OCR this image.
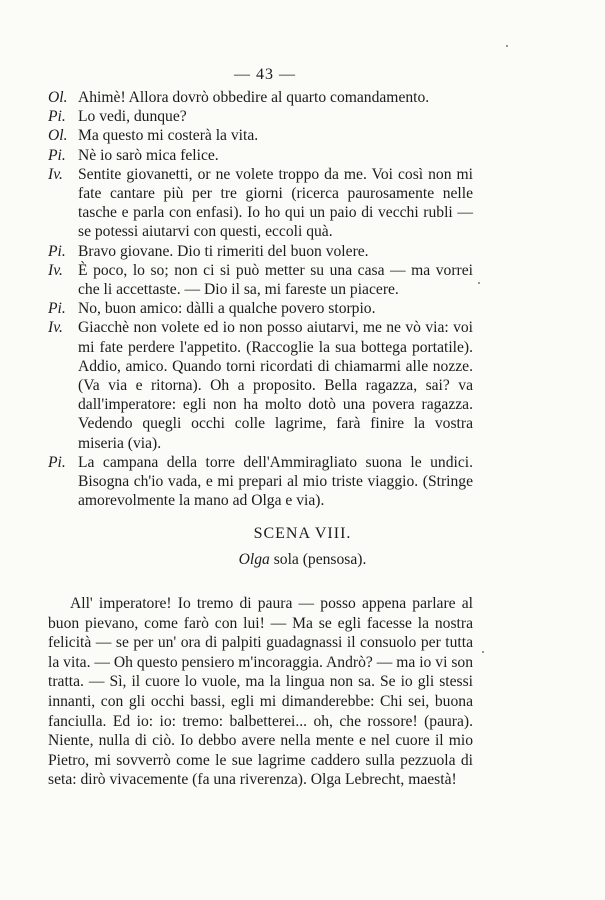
— 43 —
Ol. Ahimè! Allora dovrò obbedire al quarto comandamento.
Pi. Lo vedi, dunque?
Ol. Ma questo mi costerà la vita.
Pi. Nè io sarò mica felice.
Iv. Sentite giovanetti, or ne volete troppo da me. Voi così non mi fate cantare più per tre giorni (ricerca paurosamente nelle tasche e parla con enfasi). Io ho qui un paio di vecchi rubli — se potessi aiutarvi con questi, eccoli quà.
Pi. Bravo giovane. Dio ti rimeriti del buon volere.
Iv. È poco, lo so; non ci si può metter su una casa — ma vorrei che li accettaste. — Dio il sa, mi fareste un piacere.
Pi. No, buon amico: dàlli a qualche povero storpio.
Iv. Giacchè non volete ed io non posso aiutarvi, me ne vò via: voi mi fate perdere l'appetito. (Raccoglie la sua bottega portatile). Addio, amico. Quando torni ricordati di chiamarmi alle nozze. (Va via e ritorna). Oh a proposito. Bella ragazza, sai? va dall'imperatore: egli non ha molto dotò una povera ragazza. Vedendo quegli occhi colle lagrime, farà finire la vostra miseria (via).
Pi. La campana della torre dell'Ammiragliato suona le undici. Bisogna ch'io vada, e mi prepari al mio triste viaggio. (Stringe amorevolmente la mano ad Olga e via).
SCENA VIII.
Olga sola (pensosa).

All' imperatore! Io tremo di paura — posso appena parlare al buon pievano, come farò con lui! — Ma se egli facesse la nostra felicità — se per un' ora di palpiti guadagnassi il consuolo per tutta la vita. — Oh questo pensiero m'incoraggia. Andrò? — ma io vi son tratta. — Sì, il cuore lo vuole, ma la lingua non sa. Se io gli stessi innanti, con gli occhi bassi, egli mi dimanderebbe: Chi sei, buona fanciulla. Ed io: io: tremo: balbetterei... oh, che rossore! (paura). Niente, nulla di ciò. Io debbo avere nella mente e nel cuore il mio Pietro, mi sovverrò come le sue lagrime caddero sulla pezzuola di seta: dirò vivacemente (fa una riverenza). Olga Lebrecht, maestà!
